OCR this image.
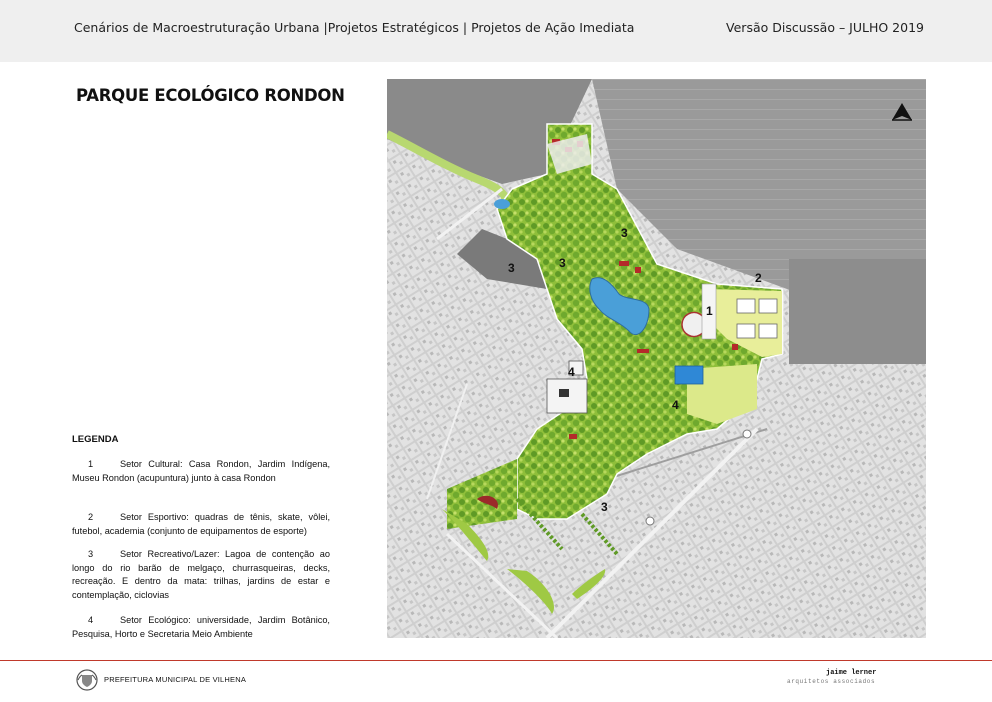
Cenários de Macroestruturação Urbana |Projetos Estratégicos | Projetos de Ação Imediata	Versão Discussão – JULHO 2019
PARQUE ECOLÓGICO RONDON
LEGENDA
1	Setor Cultural: Casa Rondon, Jardim Indígena, Museu Rondon (acupuntura) junto à casa Rondon
2	Setor Esportivo: quadras de tênis, skate, vôlei, futebol, academia (conjunto de equipamentos de esporte)
3	Setor Recreativo/Lazer: Lagoa de contenção ao longo do rio barão de melgaço, churrasqueiras, decks, recreação. E dentro da mata: trilhas, jardins de estar e contemplação, ciclovias
4	Setor Ecológico: universidade, Jardim Botânico, Pesquisa, Horto e Secretaria Meio Ambiente
1
2
3
3	3
3
4
4
PREFEITURA MUNICIPAL DE VILHENA
jaime lerner
arquitetos associados
